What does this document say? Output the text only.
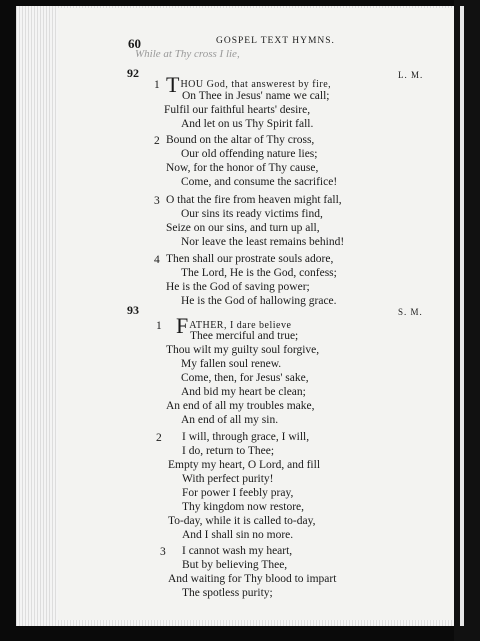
While at Thy cross I lie,
60	GOSPEL TEXT HYMNS.
92	L. M.
1 THOU God, that answerest by fire,
On Thee in Jesus' name we call;
Fulfil our faithful hearts' desire,
And let on us Thy Spirit fall.
2 Bound on the altar of Thy cross,
Our old offending nature lies;
Now, for the honor of Thy cause,
Come, and consume the sacrifice!
3 O that the fire from heaven might fall,
Our sins its ready victims find,
Seize on our sins, and turn up all,
Nor leave the least remains behind!
4 Then shall our prostrate souls adore,
The Lord, He is the God, confess;
He is the God of saving power;
He is the God of hallowing grace.
93	S. M.
1 FATHER, I dare believe
Thee merciful and true;
Thou wilt my guilty soul forgive,
My fallen soul renew.
Come, then, for Jesus' sake,
And bid my heart be clean;
An end of all my troubles make,
An end of all my sin.
2 I will, through grace, I will,
I do, return to Thee;
Empty my heart, O Lord, and fill
With perfect purity!
For power I feebly pray,
Thy kingdom now restore,
To-day, while it is called to-day,
And I shall sin no more.
3 I cannot wash my heart,
But by believing Thee,
And waiting for Thy blood to impart
The spotless purity;
